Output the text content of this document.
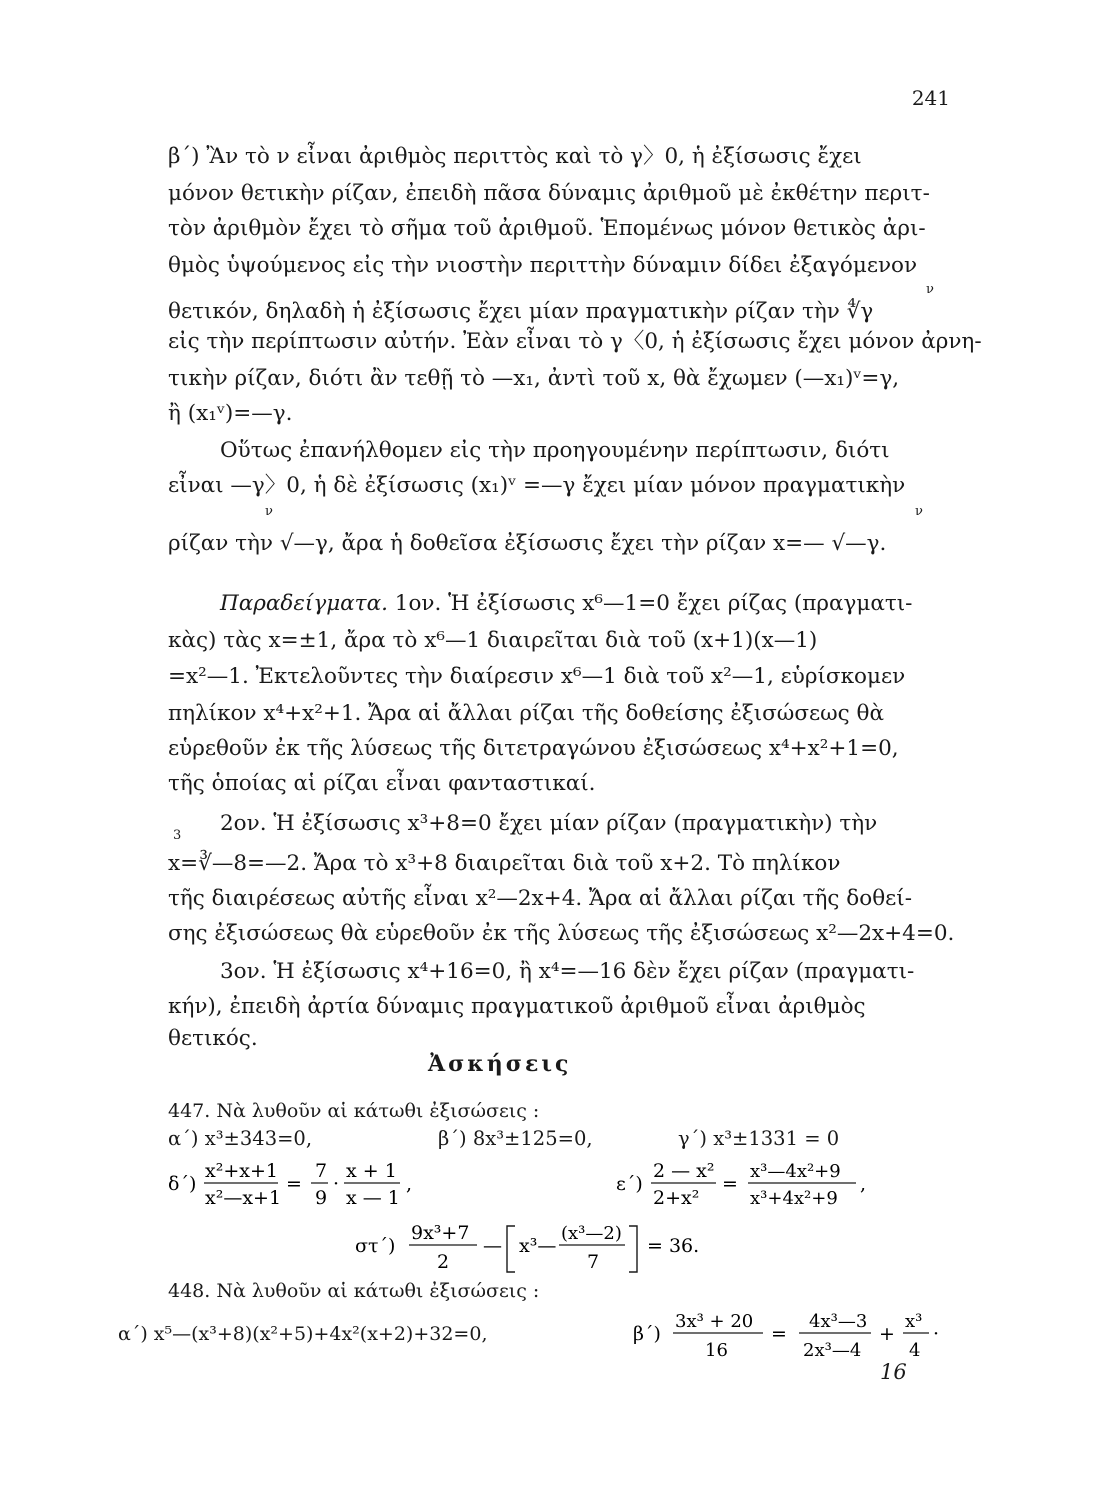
241
β΄) Ἂν τὸ ν εἶναι ἀριθμὸς περιττὸς καὶ τὸ γ〉0, ἡ ἐξίσωσις ἔχει
μόνον θετικὴν ρίζαν, ἐπειδὴ πᾶσα δύναμις ἀριθμοῦ μὲ ἐκθέτην περιτ-
τὸν ἀριθμὸν ἔχει τὸ σῆμα τοῦ ἀριθμοῦ. Ἑπομένως μόνον θετικὸς ἀρι-
θμὸς ὑψούμενος εἰς τὴν νιοστὴν περιττὴν δύναμιν δίδει ἐξαγόμενον
ν
θετικόν, δηλαδὴ ἡ ἐξίσωσις ἔχει μίαν πραγματικὴν ρίζαν τὴν ∜γ
εἰς τὴν περίπτωσιν αὐτήν. Ἐὰν εἶναι τὸ γ〈0, ἡ ἐξίσωσις ἔχει μόνον ἀρνη-
τικὴν ρίζαν, διότι ἂν τεθῇ τὸ —x₁, ἀντὶ τοῦ x, θὰ ἔχωμεν (—x₁)ᵛ=γ,
ἢ (x₁ᵛ)=—γ.
Οὕτως ἐπανήλθομεν εἰς τὴν προηγουμένην περίπτωσιν, διότι
εἶναι —γ〉0, ἡ δὲ ἐξίσωσις (x₁)ᵛ =—γ ἔχει μίαν μόνον πραγματικὴν
ν	ν
ρίζαν τὴν √—γ, ἄρα ἡ δοθεῖσα ἐξίσωσις ἔχει τὴν ρίζαν x=— √—γ.
Παραδείγματα. 1ον. Ἡ ἐξίσωσις x⁶—1=0 ἔχει ρίζας (πραγματι-
κὰς) τὰς x=±1, ἄρα τὸ x⁶—1 διαιρεῖται διὰ τοῦ (x+1)(x—1)
=x²—1. Ἐκτελοῦντες τὴν διαίρεσιν x⁶—1 διὰ τοῦ x²—1, εὑρίσκομεν
πηλίκον x⁴+x²+1. Ἄρα αἱ ἄλλαι ρίζαι τῆς δοθείσης ἐξισώσεως θὰ
εὑρεθοῦν ἐκ τῆς λύσεως τῆς διτετραγώνου ἐξισώσεως x⁴+x²+1=0,
τῆς ὁποίας αἱ ρίζαι εἶναι φανταστικαί.
2ον. Ἡ ἐξίσωσις x³+8=0 ἔχει μίαν ρίζαν (πραγματικὴν) τὴν
3
x=∛—8=—2. Ἄρα τὸ x³+8 διαιρεῖται διὰ τοῦ x+2. Τὸ πηλίκον
τῆς διαιρέσεως αὐτῆς εἶναι x²—2x+4. Ἄρα αἱ ἄλλαι ρίζαι τῆς δοθεί-
σης ἐξισώσεως θὰ εὑρεθοῦν ἐκ τῆς λύσεως τῆς ἐξισώσεως x²—2x+4=0.
3ον. Ἡ ἐξίσωσις x⁴+16=0, ἢ x⁴=—16 δὲν ἔχει ρίζαν (πραγματι-
κήν), ἐπειδὴ ἀρτία δύναμις πραγματικοῦ ἀριθμοῦ εἶναι ἀριθμὸς
θετικός.
Ἀσκήσεις
447. Νὰ λυθοῦν αἱ κάτωθι ἐξισώσεις :
α΄) x³±343=0,	β΄) 8x³±125=0,	γ΄) x³±1331 = 0
δ΄)
x²+x+1
x²—x+1
=
7
9
·
x + 1
x — 1
,	ε΄)
2 — x²
2+x²
=
x³—4x²+9
x³+4x²+9
,
στ΄)
9x³+7
2
— x³—
(x³—2)
7
= 36.
448. Νὰ λυθοῦν αἱ κάτωθι ἐξισώσεις :
α΄) x⁵—(x³+8)(x²+5)+4x²(x+2)+32=0,	β΄)
3x³ + 20
16
=
4x³—3
2x³—4
+
x³
4
·
16
